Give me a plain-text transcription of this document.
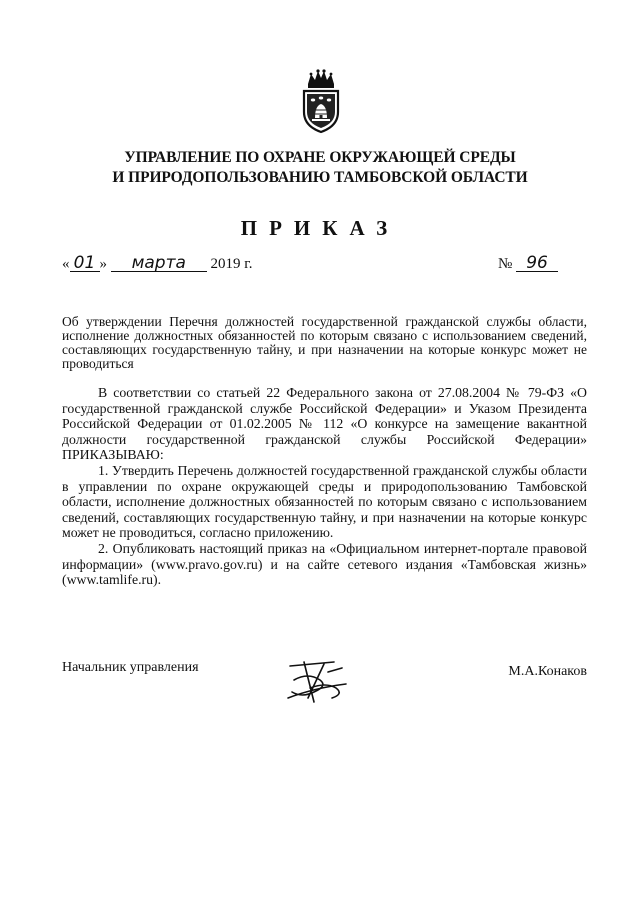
УПРАВЛЕНИЕ ПО ОХРАНЕ ОКРУЖАЮЩЕЙ СРЕДЫ
И ПРИРОДОПОЛЬЗОВАНИЮ ТАМБОВСКОЙ ОБЛАСТИ
ПРИКАЗ
« 01 » марта 2019 г.	№ 96
Об утверждении Перечня должностей государственной гражданской службы области, исполнение должностных обязанностей по которым связано с использованием сведений, составляющих государственную тайну, и при назначении на которые конкурс может не проводиться

В соответствии со статьей 22 Федерального закона от 27.08.2004 № 79-ФЗ «О государственной гражданской службе Российской Федерации» и Указом Президента Российской Федерации от 01.02.2005 № 112 «О конкурсе на замещение вакантной должности государственной гражданской службы Российской Федерации» ПРИКАЗЫВАЮ:

1. Утвердить Перечень должностей государственной гражданской службы области в управлении по охране окружающей среды и природопользованию Тамбовской области, исполнение должностных обязанностей по которым связано с использованием сведений, составляющих государственную тайну, и при назначении на которые конкурс может не проводиться, согласно приложению.

2. Опубликовать настоящий приказ на «Официальном интернет-портале правовой информации» (www.pravo.gov.ru) и на сайте сетевого издания «Тамбовская жизнь» (www.tamlife.ru).

Начальник управления	М.А.Конаков
